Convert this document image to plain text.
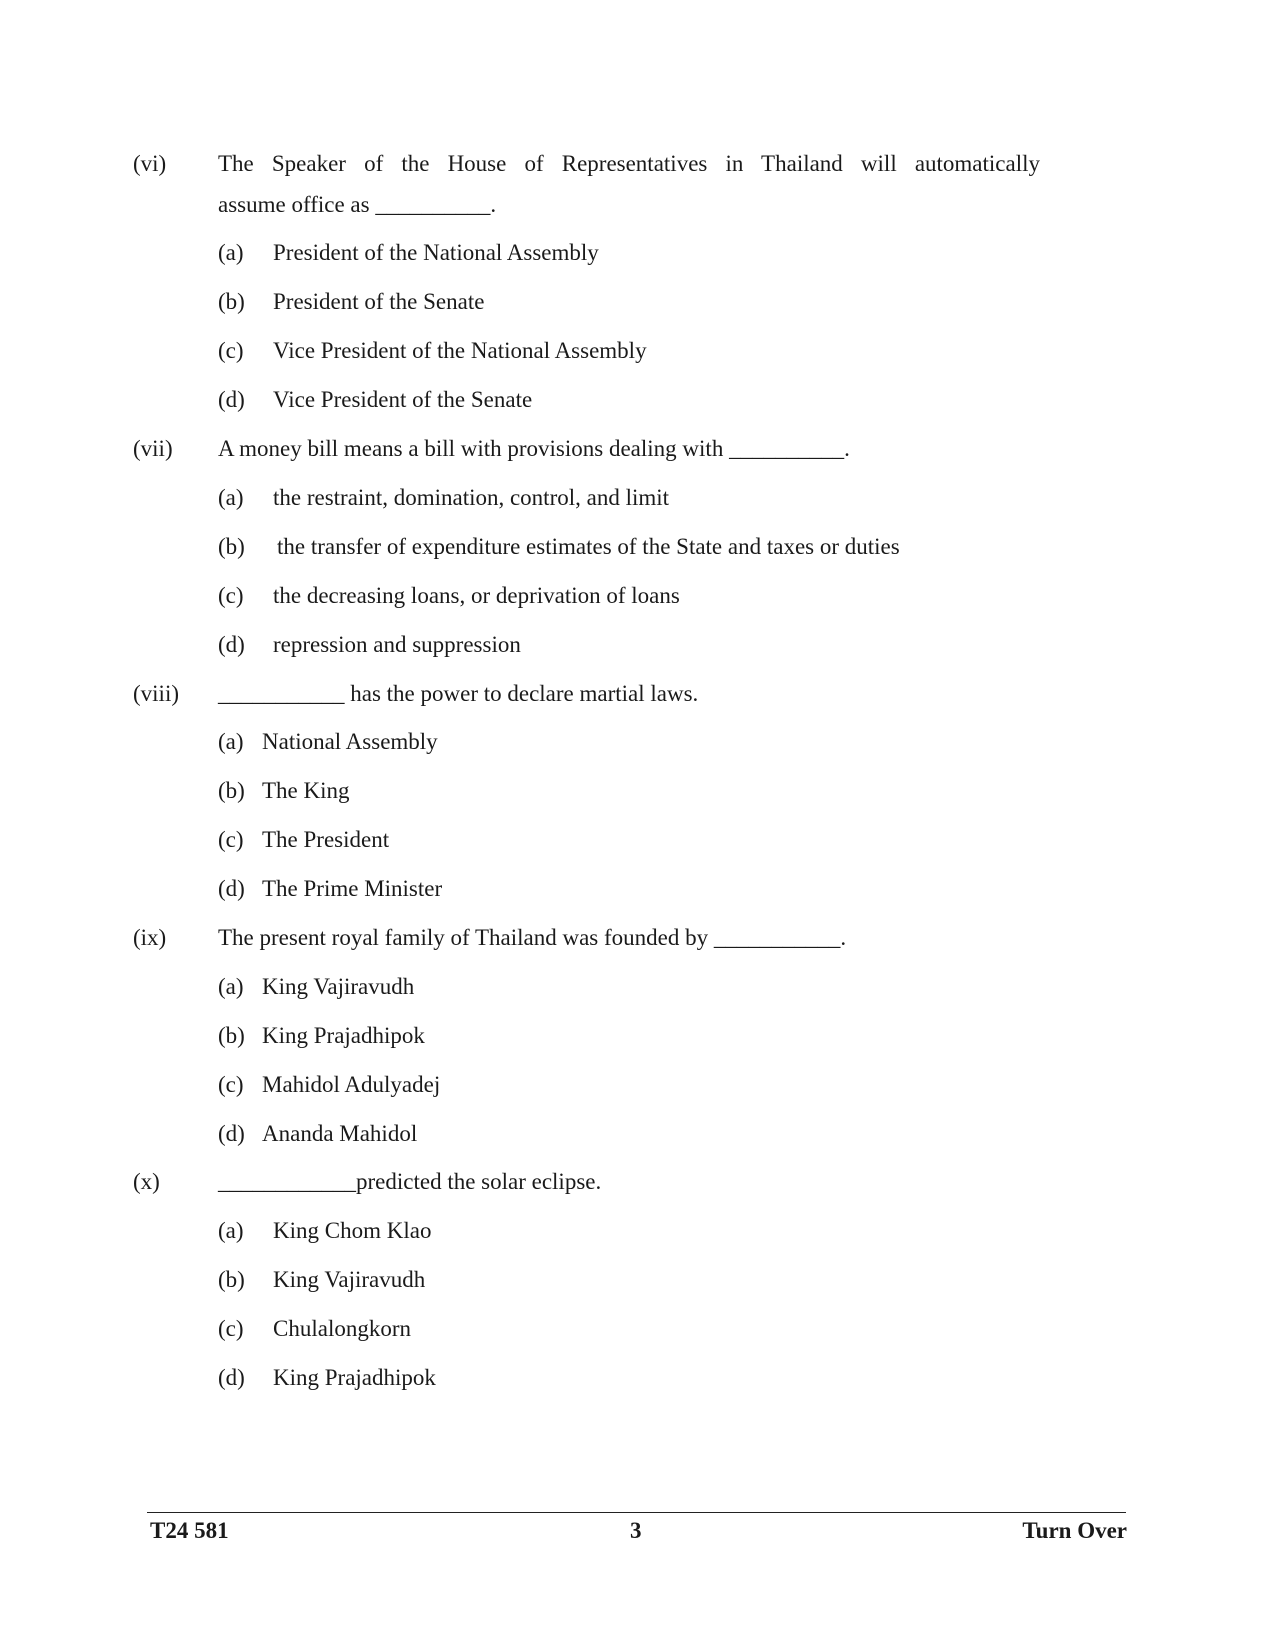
(vi) The Speaker of the House of Representatives in Thailand will automatically
assume office as __________.
(a) President of the National Assembly
(b) President of the Senate
(c) Vice President of the National Assembly
(d) Vice President of the Senate
(vii) A money bill means a bill with provisions dealing with __________.
(a) the restraint, domination, control, and limit
(b) the transfer of expenditure estimates of the State and taxes or duties
(c) the decreasing loans, or deprivation of loans
(d) repression and suppression
(viii) ___________ has the power to declare martial laws.
(a) National Assembly
(b) The King
(c) The President
(d) The Prime Minister
(ix) The present royal family of Thailand was founded by ___________.
(a) King Vajiravudh
(b) King Prajadhipok
(c) Mahidol Adulyadej
(d) Ananda Mahidol
(x)	____________predicted the solar eclipse.
(a) King Chom Klao
(b) King Vajiravudh
(c) Chulalongkorn
(d) King Prajadhipok
T24 581	3	Turn Over
